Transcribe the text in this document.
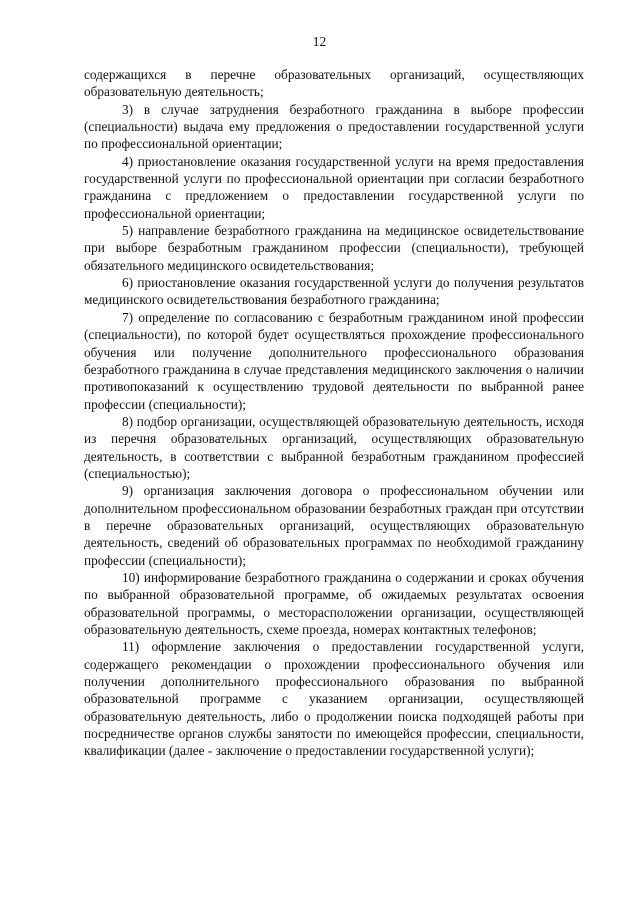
12

содержащихся в перечне образовательных организаций, осуществляющих образовательную деятельность;

3) в случае затруднения безработного гражданина в выборе профессии (специальности) выдача ему предложения о предоставлении государственной услуги по профессиональной ориентации;

4) приостановление оказания государственной услуги на время предоставления государственной услуги по профессиональной ориентации при согласии безработного гражданина с предложением о предоставлении государственной услуги по профессиональной ориентации;

5) направление безработного гражданина на медицинское освидетельствование при выборе безработным гражданином профессии (специальности), требующей обязательного медицинского освидетельствования;

6) приостановление оказания государственной услуги до получения результатов медицинского освидетельствования безработного гражданина;

7) определение по согласованию с безработным гражданином иной профессии (специальности), по которой будет осуществляться прохождение профессионального обучения или получение дополнительного профессионального образования безработного гражданина в случае представления медицинского заключения о наличии противопоказаний к осуществлению трудовой деятельности по выбранной ранее профессии (специальности);

8) подбор организации, осуществляющей образовательную деятельность, исходя из перечня образовательных организаций, осуществляющих образовательную деятельность, в соответствии с выбранной безработным гражданином профессией (специальностью);

9) организация заключения договора о профессиональном обучении или дополнительном профессиональном образовании безработных граждан при отсутствии в перечне образовательных организаций, осуществляющих образовательную деятельность, сведений об образовательных программах по необходимой гражданину профессии (специальности);

10) информирование безработного гражданина о содержании и сроках обучения по выбранной образовательной программе, об ожидаемых результатах освоения образовательной программы, о месторасположении организации, осуществляющей образовательную деятельность, схеме проезда, номерах контактных телефонов;

11) оформление заключения о предоставлении государственной услуги, содержащего рекомендации о прохождении профессионального обучения или получении дополнительного профессионального образования по выбранной образовательной программе с указанием организации, осуществляющей образовательную деятельность, либо о продолжении поиска подходящей работы при посредничестве органов службы занятости по имеющейся профессии, специальности, квалификации (далее - заключение о предоставлении государственной услуги);
